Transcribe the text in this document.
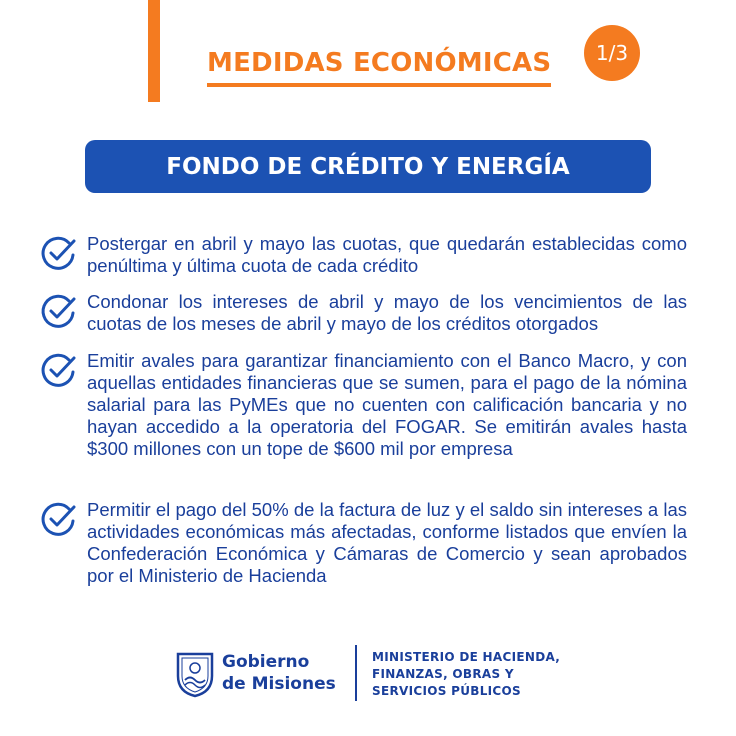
MEDIDAS ECONÓMICAS	1/3
FONDO DE CRÉDITO Y ENERGÍA
Postergar en abril y mayo las cuotas, que quedarán establecidas como penúltima y última cuota de cada crédito
Condonar los intereses de abril y mayo de los vencimientos de las cuotas de los meses de abril y mayo de los créditos otorgados
Emitir avales para garantizar financiamiento con el Banco Macro, y con aquellas entidades financieras que se sumen, para el pago de la nómina salarial para las PyMEs que no cuenten con calificación bancaria y no hayan accedido a la operatoria del FOGAR. Se emitirán avales hasta $300 millones con un tope de $600 mil por empresa
Permitir el pago del 50% de la factura de luz y el saldo sin intereses a las actividades económicas más afectadas, conforme listados que envíen la Confederación Económica y Cámaras de Comercio y sean aprobados por el Ministerio de Hacienda
Gobierno
de Misiones
MINISTERIO DE HACIENDA,
FINANZAS, OBRAS Y
SERVICIOS PÚBLICOS
